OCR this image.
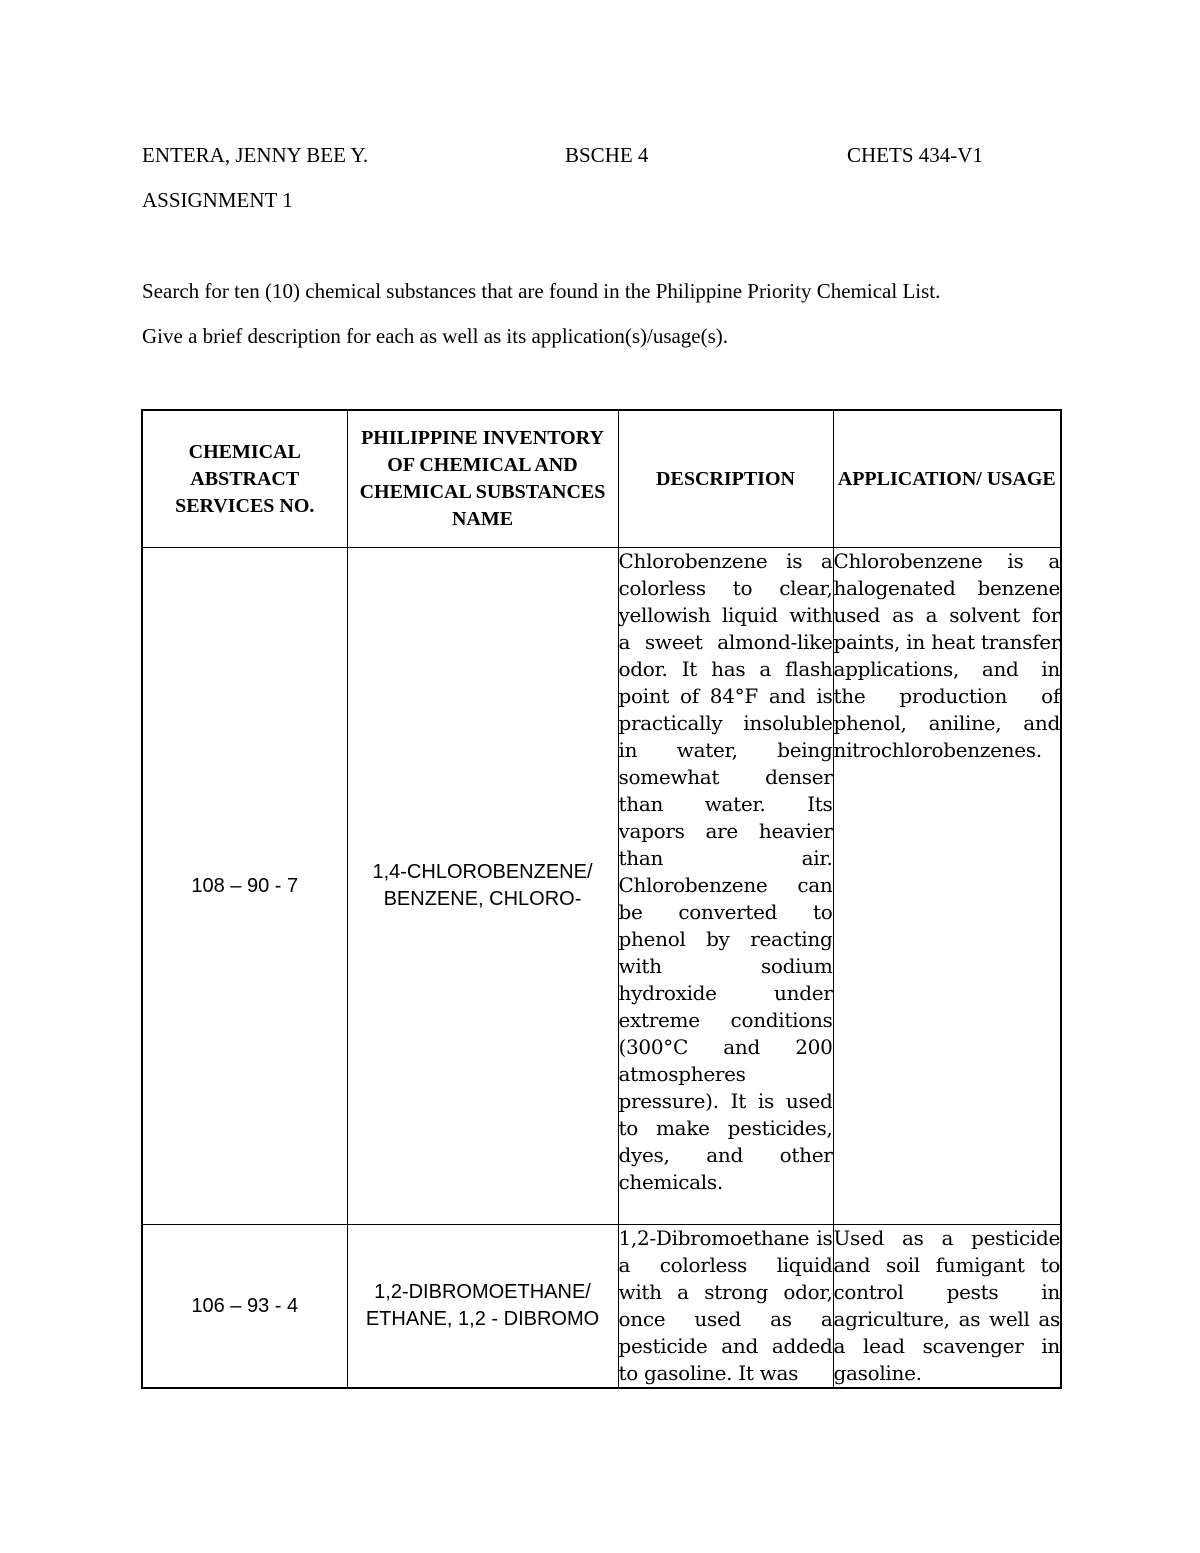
ENTERA, JENNY BEE Y.	BSCHE 4	CHETS 434-V1
ASSIGNMENT 1
Search for ten (10) chemical substances that are found in the Philippine Priority Chemical List.
Give a brief description for each as well as its application(s)/usage(s).
CHEMICAL ABSTRACT SERVICES NO.	PHILIPPINE INVENTORY OF CHEMICAL AND CHEMICAL SUBSTANCES NAME	DESCRIPTION	APPLICATION/ USAGE
108 – 90 - 7	1,4-CHLOROBENZENE/ BENZENE, CHLORO-	Chlorobenzene is a colorless to clear, yellowish liquid with a sweet almond-like odor. It has a flash point of 84°F and is practically insoluble in water, being somewhat denser than water. Its vapors are heavier than air. Chlorobenzene can be converted to phenol by reacting with sodium hydroxide under extreme conditions (300°C and 200 atmospheres pressure). It is used to make pesticides, dyes, and other chemicals.	Chlorobenzene is a halogenated benzene used as a solvent for paints, in heat transfer applications, and in the production of phenol, aniline, and nitrochlorobenzenes.
106 – 93 - 4	1,2-DIBROMOETHANE/ ETHANE, 1,2 - DIBROMO	1,2-Dibromoethane is a colorless liquid with a strong odor, once used as a pesticide and added to gasoline. It was	Used as a pesticide and soil fumigant to control pests in agriculture, as well as a lead scavenger in gasoline.
